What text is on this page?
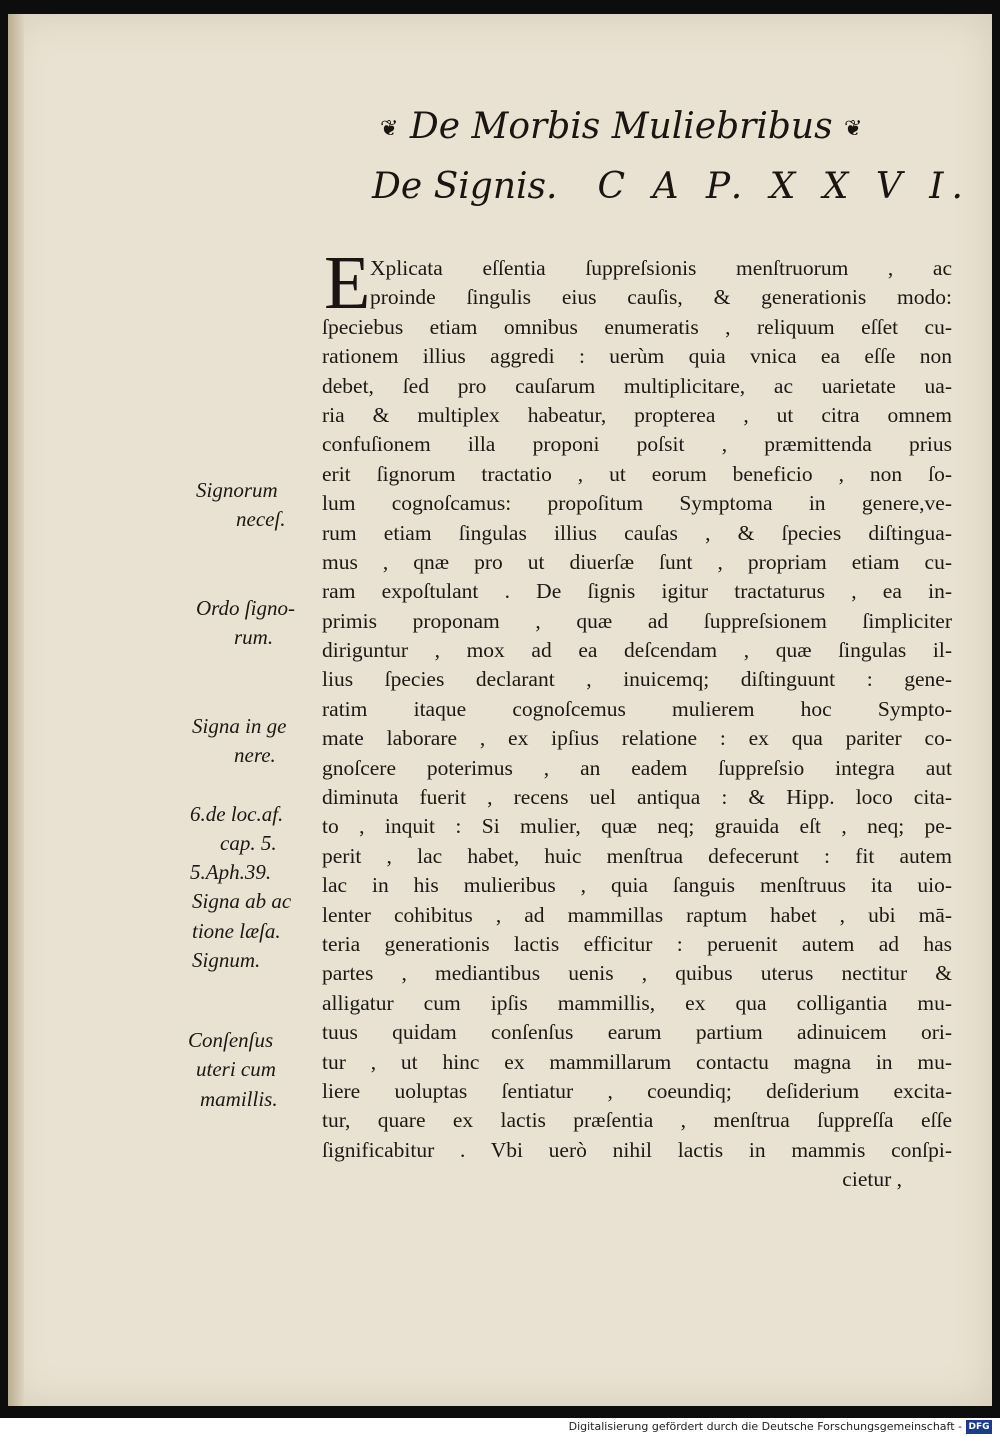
❦ De Morbis Muliebribus ❦
De Signis. C A P. X X V I.
E Xplicata eſſentia ſuppreſsionis menſtruorum , ac
proinde ſingulis eius cauſis, & generationis modo:
ſpeciebus etiam omnibus enumeratis , reliquum eſſet cu-
rationem illius aggredi : uerùm quia vnica ea eſſe non
debet, ſed pro cauſarum multiplicitare, ac uarietate ua-
ria & multiplex habeatur, propterea , ut citra omnem
confuſionem illa proponi poſsit , præmittenda prius
erit ſignorum tractatio , ut eorum beneficio , non ſo-
lum cognoſcamus: propoſitum Symptoma in genere,ve-
rum etiam ſingulas illius cauſas , & ſpecies diſtingua-
mus , qnæ pro ut diuerſæ ſunt , propriam etiam cu-
ram expoſtulant . De ſignis igitur tractaturus , ea in-
primis proponam , quæ ad ſuppreſsionem ſimpliciter
diriguntur , mox ad ea deſcendam , quæ ſingulas il-
lius ſpecies declarant , inuicemq; diſtinguunt : gene-
ratim itaque cognoſcemus mulierem hoc Sympto-
mate laborare , ex ipſius relatione : ex qua pariter co-
gnoſcere poterimus , an eadem ſuppreſsio integra aut
diminuta fuerit , recens uel antiqua : & Hipp. loco cita-
to , inquit : Si mulier, quæ neq; grauida eſt , neq; pe-
perit , lac habet, huic menſtrua defecerunt : fit autem
lac in his mulieribus , quia ſanguis menſtruus ita uio-
lenter cohibitus , ad mammillas raptum habet , ubi mā-
teria generationis lactis efficitur : peruenit autem ad has
partes , mediantibus uenis , quibus uterus nectitur &
alligatur cum ipſis mammillis, ex qua colligantia mu-
tuus quidam conſenſus earum partium adinuicem ori-
tur , ut hinc ex mammillarum contactu magna in mu-
liere uoluptas ſentiatur , coeundiq; deſiderium excita-
tur, quare ex lactis præſentia , menſtrua ſuppreſſa eſſe
ſignificabitur . Vbi uerò nihil lactis in mammis conſpi-
cietur ,
Digitalisierung gefördert durch die Deutsche Forschungsgemeinschaft - DFG
